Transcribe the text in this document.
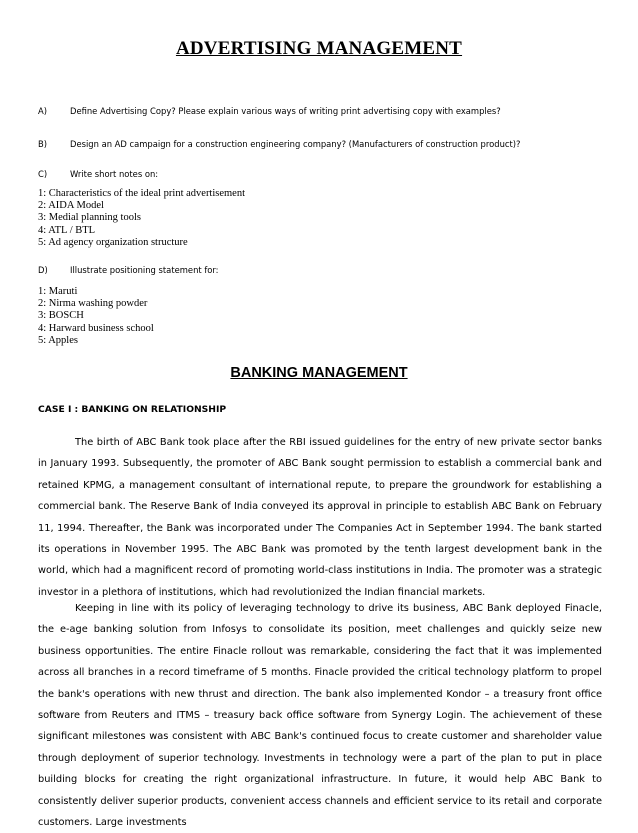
ADVERTISING MANAGEMENT
A)	Define Advertising Copy? Please explain various ways of writing print advertising copy with examples?
B)	Design an AD campaign for a construction engineering company? (Manufacturers of construction product)?
C)	Write short notes on:
1: Characteristics of the ideal print advertisement
2: AIDA Model
3: Medial planning tools
4: ATL / BTL
5: Ad agency organization structure
D)	Illustrate positioning statement for:
1: Maruti
2: Nirma washing powder
3: BOSCH
4: Harward business school
5: Apples
BANKING MANAGEMENT
CASE I : BANKING ON RELATIONSHIP

The birth of ABC Bank took place after the RBI issued guidelines for the entry of new private sector banks in January 1993. Subsequently, the promoter of ABC Bank sought permission to establish a commercial bank and retained KPMG, a management consultant of international repute, to prepare the groundwork for establishing a commercial bank. The Reserve Bank of India conveyed its approval in principle to establish ABC Bank on February 11, 1994. Thereafter, the Bank was incorporated under The Companies Act in September 1994. The bank started its operations in November 1995. The ABC Bank was promoted by the tenth largest development bank in the world, which had a magnificent record of promoting world-class institutions in India. The promoter was a strategic investor in a plethora of institutions, which had revolutionized the Indian financial markets.

Keeping in line with its policy of leveraging technology to drive its business, ABC Bank deployed Finacle, the e-age banking solution from Infosys to consolidate its position, meet challenges and quickly seize new business opportunities. The entire Finacle rollout was remarkable, considering the fact that it was implemented across all branches in a record timeframe of 5 months. Finacle provided the critical technology platform to propel the bank's operations with new thrust and direction. The bank also implemented Kondor – a treasury front office software from Reuters and ITMS – treasury back office software from Synergy Login. The achievement of these significant milestones was consistent with ABC Bank's continued focus to create customer and shareholder value through deployment of superior technology. Investments in technology were a part of the plan to put in place building blocks for creating the right organizational infrastructure. In future, it would help ABC Bank to consistently deliver superior products, convenient access channels and efficient service to its retail and corporate customers. Large investments
